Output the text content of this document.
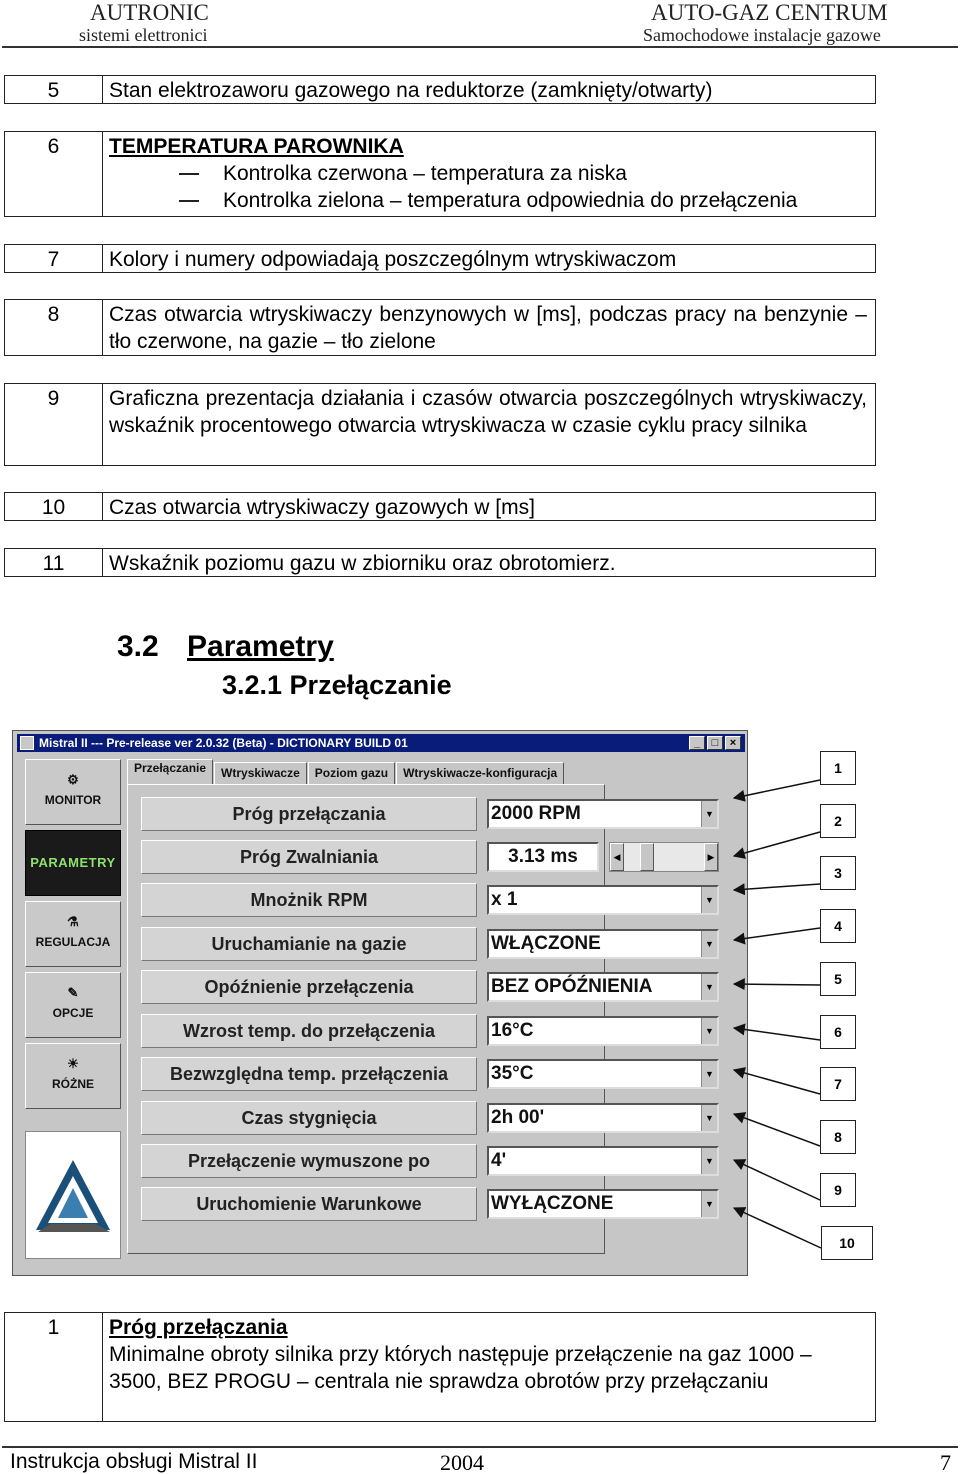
AUTRONIC
sistemi elettronici
AUTO-GAZ CENTRUM
Samochodowe instalacje gazowe
5	Stan elektrozaworu gazowego na reduktorze (zamknięty/otwarty)
6	TEMPERATURA PAROWNIKA
Kontrolka czerwona – temperatura za niska
Kontrolka zielona – temperatura odpowiednia do przełączenia
7	Kolory i numery odpowiadają poszczególnym wtryskiwaczom
8	Czas otwarcia wtryskiwaczy benzynowych w [ms], podczas pracy na benzynie – tło czerwone, na gazie – tło zielone
9	Graficzna prezentacja działania i czasów otwarcia poszczególnych wtryskiwaczy, wskaźnik procentowego otwarcia wtryskiwacza w czasie cyklu pracy silnika
10	Czas otwarcia wtryskiwaczy gazowych w [ms]
11	Wskaźnik poziomu gazu w zbiorniku oraz obrotomierz.
3.2 Parametry
3.2.1 Przełączanie
Mistral II --- Pre-release ver 2.0.32 (Beta) - DICTIONARY BUILD 01	_	□	×
⚙
MONITOR
PARAMETRY
⚗
REGULACJA
✎
OPCJE
☀
RÓŻNE
Przełączanie	Wtryskiwacze	Poziom gazu	Wtryskiwacze-konfiguracja
Próg przełączania	2000 RPM	▼
Próg Zwalniania	3.13 ms	◀	▶
Mnożnik RPM	x 1	▼
Uruchamianie na gazie	WŁĄCZONE	▼
Opóźnienie przełączenia	BEZ OPÓŹNIENIA	▼
Wzrost temp. do przełączenia	16°C	▼
Bezwzględna temp. przełączenia	35°C	▼
Czas stygnięcia	2h 00'	▼
Przełączenie wymuszone po	4'	▼
Uruchomienie Warunkowe	WYŁĄCZONE	▼
1
2
3
4
5
6
7
8
9
10
1	Próg przełączania
Minimalne obroty silnika przy których następuje przełączenie na gaz 1000 – 3500, BEZ PROGU – centrala nie sprawdza obrotów przy przełączaniu
Instrukcja obsługi Mistral II	2004	7
